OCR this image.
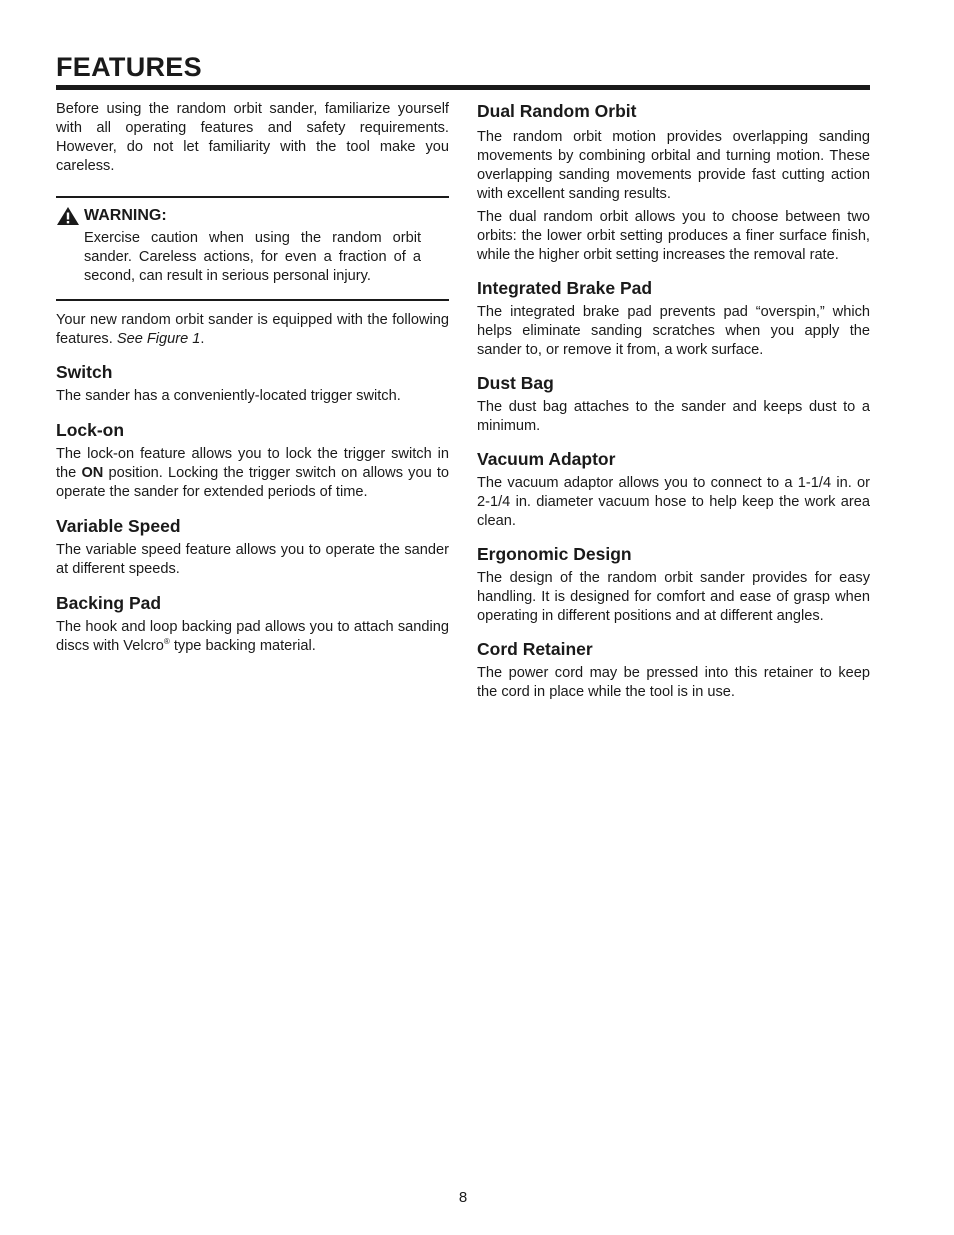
FEATURES

Before using the random orbit sander, familiarize yourself with all operating features and safety requirements. However, do not let familiarity with the tool make you careless.

WARNING:

Exercise caution when using the random orbit sander. Careless actions, for even a fraction of a second, can result in serious personal injury.

Your new random orbit sander is equipped with the following features. See Figure 1.

Switch

The sander has a conveniently-located trigger switch.

Lock-on

The lock-on feature allows you to lock the trigger switch in the ON position. Locking the trigger switch on allows you to operate the sander for extended periods of time.

Variable Speed

The variable speed feature allows you to operate the sander at different speeds.

Backing Pad

The hook and loop backing pad allows you to attach sanding discs with Velcro® type backing material.

Dual Random Orbit

The random orbit motion provides overlapping sanding movements by combining orbital and turning motion. These overlapping sanding movements provide fast cutting action with excellent sanding results.

The dual random orbit allows you to choose between two orbits: the lower orbit setting produces a finer surface finish, while the higher orbit setting increases the removal rate.

Integrated Brake Pad

The integrated brake pad prevents pad “overspin,” which helps eliminate sanding scratches when you apply the sander to, or remove it from, a work surface.

Dust Bag

The dust bag attaches to the sander and keeps dust to a minimum.

Vacuum Adaptor

The vacuum adaptor allows you to connect to a 1-1/4 in. or 2-1/4 in. diameter vacuum hose to help keep the work area clean.

Ergonomic Design

The design of the random orbit sander provides for easy handling. It is designed for comfort and ease of grasp when operating in different positions and at different angles.

Cord Retainer

The power cord may be pressed into this retainer to keep the cord in place while the tool is in use.

8
